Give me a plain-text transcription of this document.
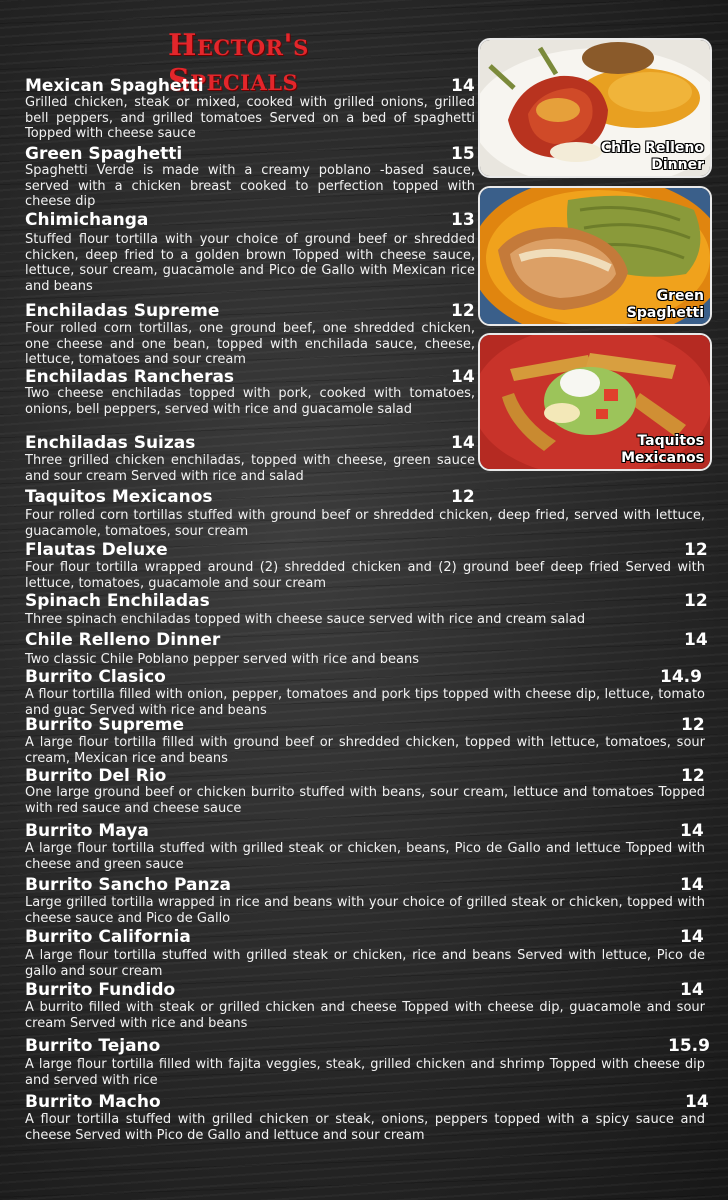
Hector's Specials
Mexican Spaghetti	14
Grilled chicken, steak or mixed, cooked with grilled onions, grilled bell peppers, and grilled tomatoes Served on a bed of spaghetti Topped with cheese sauce
Green Spaghetti	15
Spaghetti Verde is made with a creamy poblano -based sauce, served with a chicken breast cooked to perfection topped with cheese dip
Chimichanga	13
Stuffed flour tortilla with your choice of ground beef or shredded chicken, deep fried to a golden brown Topped with cheese sauce, lettuce, sour cream, guacamole and Pico de Gallo with Mexican rice and beans
Enchiladas Supreme	12
Four rolled corn tortillas, one ground beef, one shredded chicken, one cheese and one bean, topped with enchilada sauce, cheese, lettuce, tomatoes and sour cream
Enchiladas Rancheras	14
Two cheese enchiladas topped with pork, cooked with tomatoes, onions, bell peppers, served with rice and guacamole salad
Enchiladas Suizas	14
Three grilled chicken enchiladas, topped with cheese, green sauce and sour cream Served with rice and salad
Taquitos Mexicanos	12
Four rolled corn tortillas stuffed with ground beef or shredded chicken, deep fried, served with lettuce, guacamole, tomatoes, sour cream
Flautas Deluxe	12
Four flour tortilla wrapped around (2) shredded chicken and (2) ground beef deep fried Served with lettuce, tomatoes, guacamole and sour cream
Spinach Enchiladas	12
Three spinach enchiladas topped with cheese sauce served with rice and cream salad
Chile Relleno Dinner	14
Two classic Chile Poblano pepper served with rice and beans
Burrito Clasico	14.9
A flour tortilla filled with onion, pepper, tomatoes and pork tips topped with cheese dip, lettuce, tomato and guac Served with rice and beans
Burrito Supreme	12
A large flour tortilla filled with ground beef or shredded chicken, topped with lettuce, tomatoes, sour cream, Mexican rice and beans
Burrito Del Rio	12
One large ground beef or chicken burrito stuffed with beans, sour cream, lettuce and tomatoes Topped with red sauce and cheese sauce
Burrito Maya	14
A large flour tortilla stuffed with grilled steak or chicken, beans, Pico de Gallo and lettuce Topped with cheese and green sauce
Burrito Sancho Panza	14
Large grilled tortilla wrapped in rice and beans with your choice of grilled steak or chicken, topped with cheese sauce and Pico de Gallo
Burrito California	14
A large flour tortilla stuffed with grilled steak or chicken, rice and beans Served with lettuce, Pico de gallo and sour cream
Burrito Fundido	14
A burrito filled with steak or grilled chicken and cheese Topped with cheese dip, guacamole and sour cream Served with rice and beans
Burrito Tejano	15.9
A large flour tortilla filled with fajita veggies, steak, grilled chicken and shrimp Topped with cheese dip and served with rice
Burrito Macho	14
A flour tortilla stuffed with grilled chicken or steak, onions, peppers topped with a spicy sauce and cheese Served with Pico de Gallo and lettuce and sour cream
Chile Relleno Dinner
Green Spaghetti
Taquitos Mexicanos
